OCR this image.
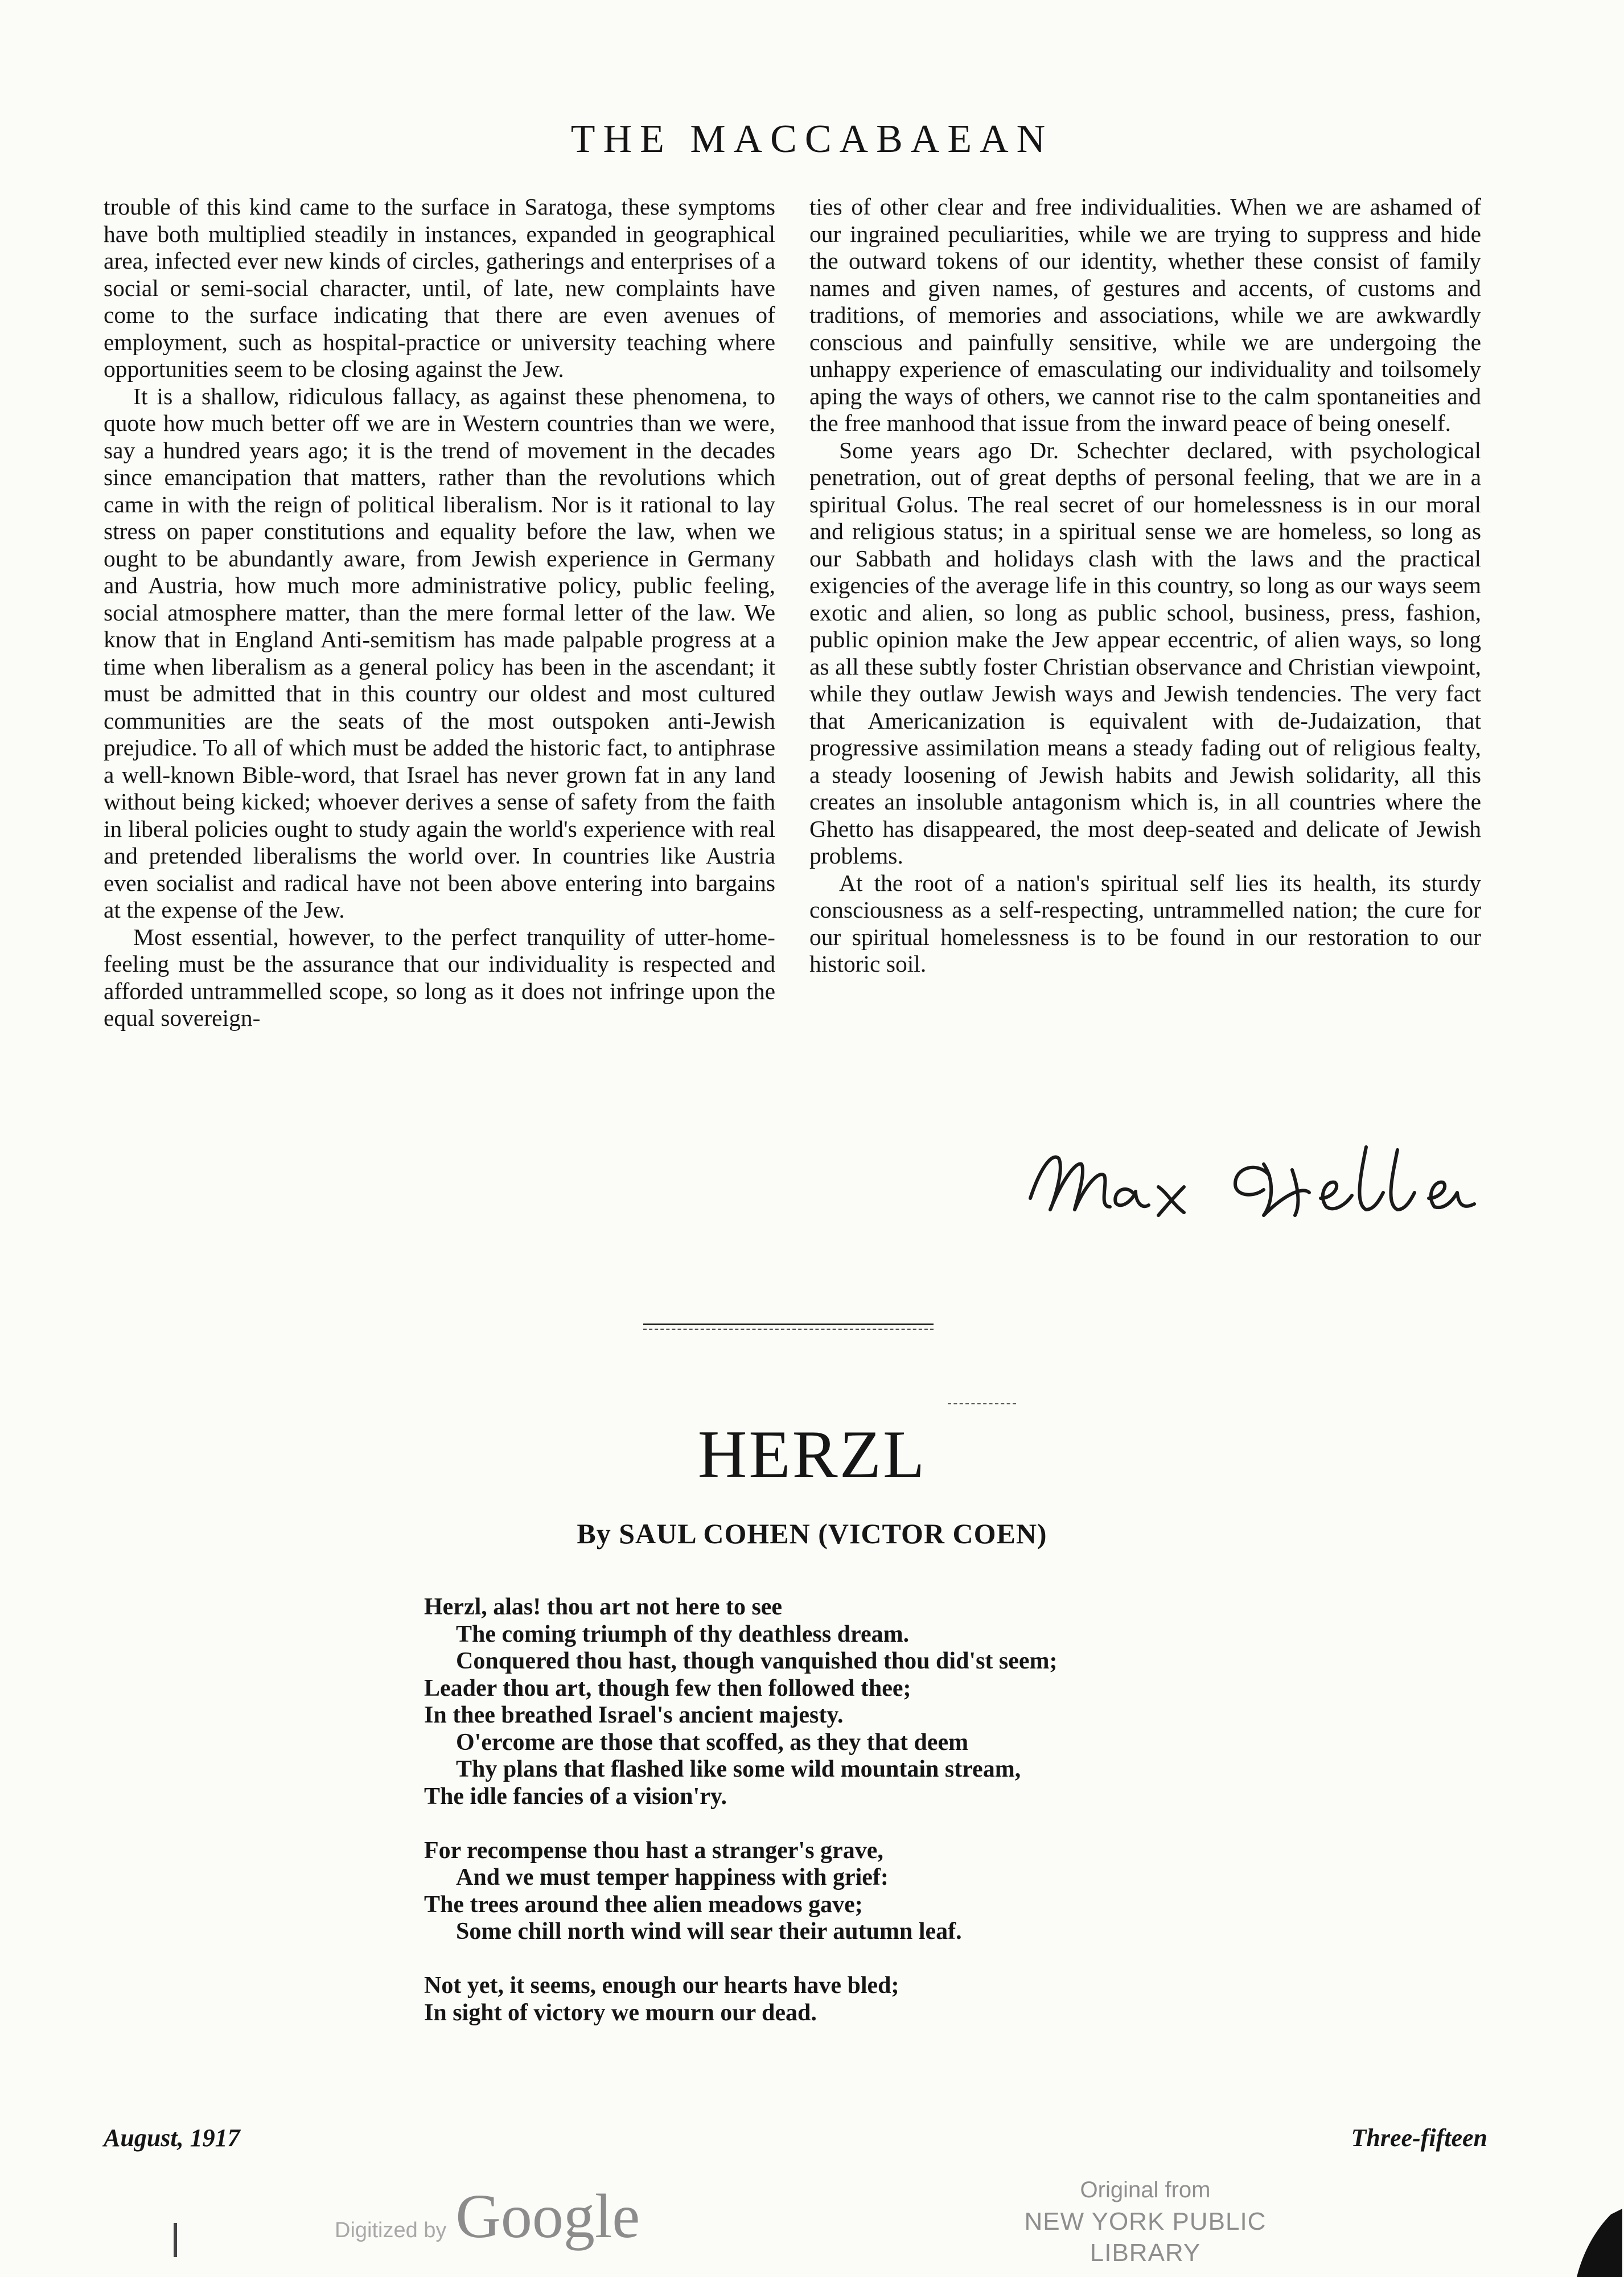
THE MACCABAEAN

trouble of this kind came to the surface in Saratoga, these symptoms have both multiplied steadily in instances, expanded in geographical area, infected ever new kinds of circles, gatherings and enterprises of a social or semi-social character, until, of late, new complaints have come to the surface indicating that there are even avenues of employment, such as hospital-practice or university teaching where opportunities seem to be closing against the Jew.

It is a shallow, ridiculous fallacy, as against these phenomena, to quote how much better off we are in Western countries than we were, say a hundred years ago; it is the trend of movement in the decades since emancipation that matters, rather than the revolutions which came in with the reign of political liberalism. Nor is it rational to lay stress on paper constitutions and equality before the law, when we ought to be abundantly aware, from Jewish experience in Germany and Austria, how much more administrative policy, public feeling, social atmosphere matter, than the mere formal letter of the law. We know that in England Anti-semitism has made palpable progress at a time when liberalism as a general policy has been in the ascendant; it must be admitted that in this country our oldest and most cultured communities are the seats of the most outspoken anti-Jewish prejudice. To all of which must be added the historic fact, to antiphrase a well-known Bible-word, that Israel has never grown fat in any land without being kicked; whoever derives a sense of safety from the faith in liberal policies ought to study again the world's experience with real and pretended liberalisms the world over. In countries like Austria even socialist and radical have not been above entering into bargains at the expense of the Jew.

Most essential, however, to the perfect tranquility of utter-home-feeling must be the assurance that our individuality is respected and afforded untrammelled scope, so long as it does not infringe upon the equal sovereign-

ties of other clear and free individualities. When we are ashamed of our ingrained peculiarities, while we are trying to suppress and hide the outward tokens of our identity, whether these consist of family names and given names, of gestures and accents, of customs and traditions, of memories and associations, while we are awkwardly conscious and painfully sensitive, while we are undergoing the unhappy experience of emasculating our individuality and toilsomely aping the ways of others, we cannot rise to the calm spontaneities and the free manhood that issue from the inward peace of being oneself.

Some years ago Dr. Schechter declared, with psychological penetration, out of great depths of personal feeling, that we are in a spiritual Golus. The real secret of our homelessness is in our moral and religious status; in a spiritual sense we are homeless, so long as our Sabbath and holidays clash with the laws and the practical exigencies of the average life in this country, so long as our ways seem exotic and alien, so long as public school, business, press, fashion, public opinion make the Jew appear eccentric, of alien ways, so long as all these subtly foster Christian observance and Christian viewpoint, while they outlaw Jewish ways and Jewish tendencies. The very fact that Americanization is equivalent with de-Judaization, that progressive assimilation means a steady fading out of religious fealty, a steady loosening of Jewish habits and Jewish solidarity, all this creates an insoluble antagonism which is, in all countries where the Ghetto has disappeared, the most deep-seated and delicate of Jewish problems.

At the root of a nation's spiritual self lies its health, its sturdy consciousness as a self-respecting, untrammelled nation; the cure for our spiritual homelessness is to be found in our restoration to our historic soil.

HERZL
By SAUL COHEN (VICTOR COEN)
Herzl, alas! thou art not here to see
The coming triumph of thy deathless dream.
Conquered thou hast, though vanquished thou did'st seem;
Leader thou art, though few then followed thee;
In thee breathed Israel's ancient majesty.
O'ercome are those that scoffed, as they that deem
Thy plans that flashed like some wild mountain stream,
The idle fancies of a vision'ry.
For recompense thou hast a stranger's grave,
And we must temper happiness with grief:
The trees around thee alien meadows gave;
Some chill north wind will sear their autumn leaf.
Not yet, it seems, enough our hearts have bled;
In sight of victory we mourn our dead.
August, 1917	Three-fifteen
Digitized by Google	Original from
NEW YORK PUBLIC LIBRARY
